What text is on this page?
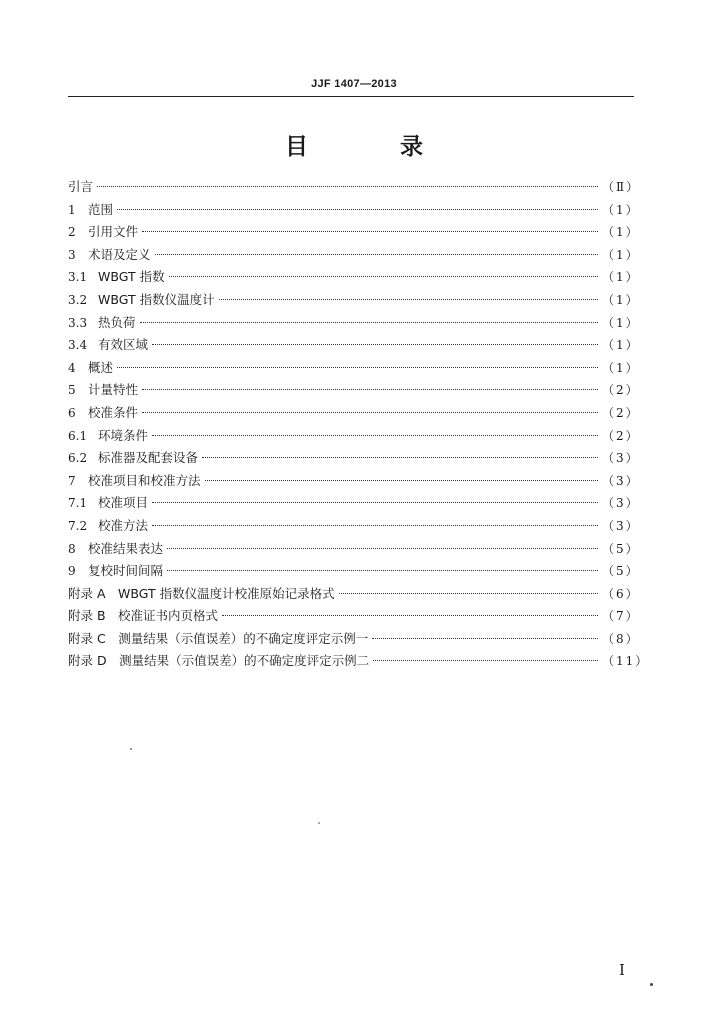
JJF 1407—2013
目 录
引言	（Ⅱ）
1 范围	（1）
2 引用文件	（1）
3 术语及定义	（1）
3.1 WBGT 指数	（1）
3.2 WBGT 指数仪温度计	（1）
3.3 热负荷	（1）
3.4 有效区域	（1）
4 概述	（1）
5 计量特性	（2）
6 校准条件	（2）
6.1 环境条件	（2）
6.2 标准器及配套设备	（3）
7 校准项目和校准方法	（3）
7.1 校准项目	（3）
7.2 校准方法	（3）
8 校准结果表达	（5）
9 复校时间间隔	（5）
附录 A　WBGT 指数仪温度计校准原始记录格式	（6）
附录 B　校准证书内页格式	（7）
附录 C　测量结果（示值误差）的不确定度评定示例一	（8）
附录 D　测量结果（示值误差）的不确定度评定示例二	（11）
I
